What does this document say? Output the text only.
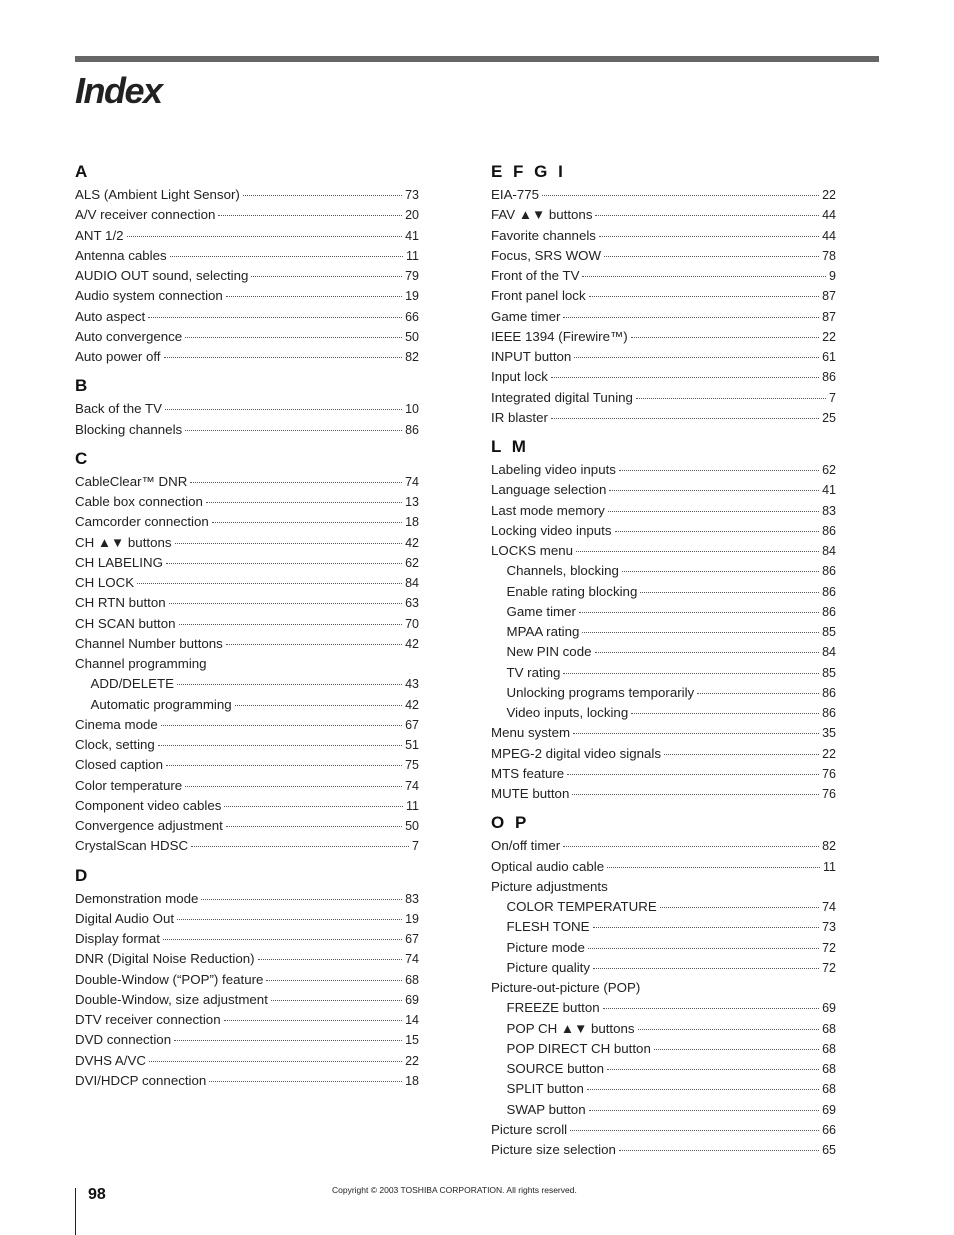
Index
A
ALS (Ambient Light Sensor)	73
A/V receiver connection	20
ANT 1/2	41
Antenna cables	11
AUDIO OUT sound, selecting	79
Audio system connection	19
Auto aspect	66
Auto convergence	50
Auto power off	82
B
Back of the TV	10
Blocking channels	86
C
CableClear™ DNR	74
Cable box connection	13
Camcorder connection	18
CH ▲▼ buttons	42
CH LABELING	62
CH LOCK	84
CH RTN button	63
CH SCAN button	70
Channel Number buttons	42
Channel programming
ADD/DELETE	43
Automatic programming	42
Cinema mode	67
Clock, setting	51
Closed caption	75
Color temperature	74
Component video cables	11
Convergence adjustment	50
CrystalScan HDSC	7
D
Demonstration mode	83
Digital Audio Out	19
Display format	67
DNR (Digital Noise Reduction)	74
Double-Window (“POP”) feature	68
Double-Window, size adjustment	69
DTV receiver connection	14
DVD connection	15
DVHS A/VC	22
DVI/HDCP connection	18
E F G I
EIA-775	22
FAV ▲▼ buttons	44
Favorite channels	44
Focus, SRS WOW	78
Front of the TV	9
Front panel lock	87
Game timer	87
IEEE 1394 (Firewire™)	22
INPUT button	61
Input lock	86
Integrated digital Tuning	7
IR blaster	25
L M
Labeling video inputs	62
Language selection	41
Last mode memory	83
Locking video inputs	86
LOCKS menu	84
Channels, blocking	86
Enable rating blocking	86
Game timer	86
MPAA rating	85
New PIN code	84
TV rating	85
Unlocking programs temporarily	86
Video inputs, locking	86
Menu system	35
MPEG-2 digital video signals	22
MTS feature	76
MUTE button	76
O P
On/off timer	82
Optical audio cable	11
Picture adjustments
COLOR TEMPERATURE	74
FLESH TONE	73
Picture mode	72
Picture quality	72
Picture-out-picture (POP)
FREEZE button	69
POP CH ▲▼ buttons	68
POP DIRECT CH button	68
SOURCE button	68
SPLIT button	68
SWAP button	69
Picture scroll	66
Picture size selection	65
98	Copyright © 2003 TOSHIBA CORPORATION. All rights reserved.
